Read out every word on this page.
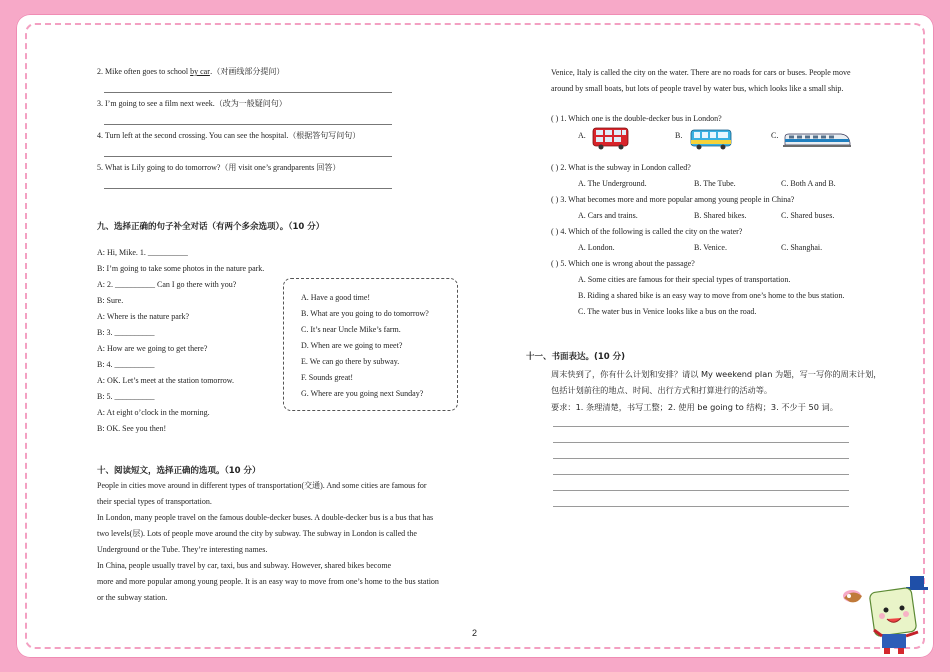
2. Mike often goes to school by car.（对画线部分提问）
3. I’m going to see a film next week.（改为一般疑问句）
4. Turn left at the second crossing. You can see the hospital.（根据答句写问句）
5. What is Lily going to do tomorrow?（用 visit one’s grandparents 回答）
九、选择正确的句子补全对话（有两个多余选项）。（10 分）
A: Hi, Mike. 1. __________
B: I’m going to take some photos in the nature park.
A: 2. __________ Can I go there with you?
B: Sure.
A: Where is the nature park?
B: 3. __________
A: How are we going to get there?
B: 4. __________
A: OK. Let’s meet at the station tomorrow.
B: 5. __________
A: At eight o’clock in the morning.
B: OK. See you then!
A. Have a good time!
B. What are you going to do tomorrow?
C. It’s near Uncle Mike’s farm.
D. When are we going to meet?
E. We can go there by subway.
F. Sounds great!
G. Where are you going next Sunday?
十、阅读短文，选择正确的选项。（10 分）
People in cities move around in different types of transportation(交通). And some cities are famous for
their special types of transportation.
In London, many people travel on the famous double-decker buses. A double-decker bus is a bus that has
two levels(层). Lots of people move around the city by subway. The subway in London is called the
Underground or the Tube. They’re interesting names.
In China, people usually travel by car, taxi, bus and subway. However, shared bikes become
more and more popular among young people. It is an easy way to move from one’s home to the bus station
or the subway station.
Venice, Italy is called the city on the water. There are no roads for cars or buses. People move
around by small boats, but lots of people travel by water bus, which looks like a small ship.
( ) 1. Which one is the double-decker bus in London?
A.	B.	C.
( ) 2. What is the subway in London called?
A. The Underground.	B. The Tube.	C. Both A and B.
( ) 3. What becomes more and more popular among young people in China?
A. Cars and trains.	B. Shared bikes.	C. Shared buses.
( ) 4. Which of the following is called the city on the water?
A. London.	B. Venice.	C. Shanghai.
( ) 5. Which one is wrong about the passage?
A. Some cities are famous for their special types of transportation.
B. Riding a shared bike is an easy way to move from one’s home to the bus station.
C. The water bus in Venice looks like a bus on the road.
十一、书面表达。(10 分)
周末快到了，你有什么计划和安排？请以 My weekend plan 为题，写一写你的周末计划，
包括计划前往的地点、时间、出行方式和打算进行的活动等。
要求：1. 条理清楚，书写工整；2. 使用 be going to 结构；3. 不少于 50 词。
2
